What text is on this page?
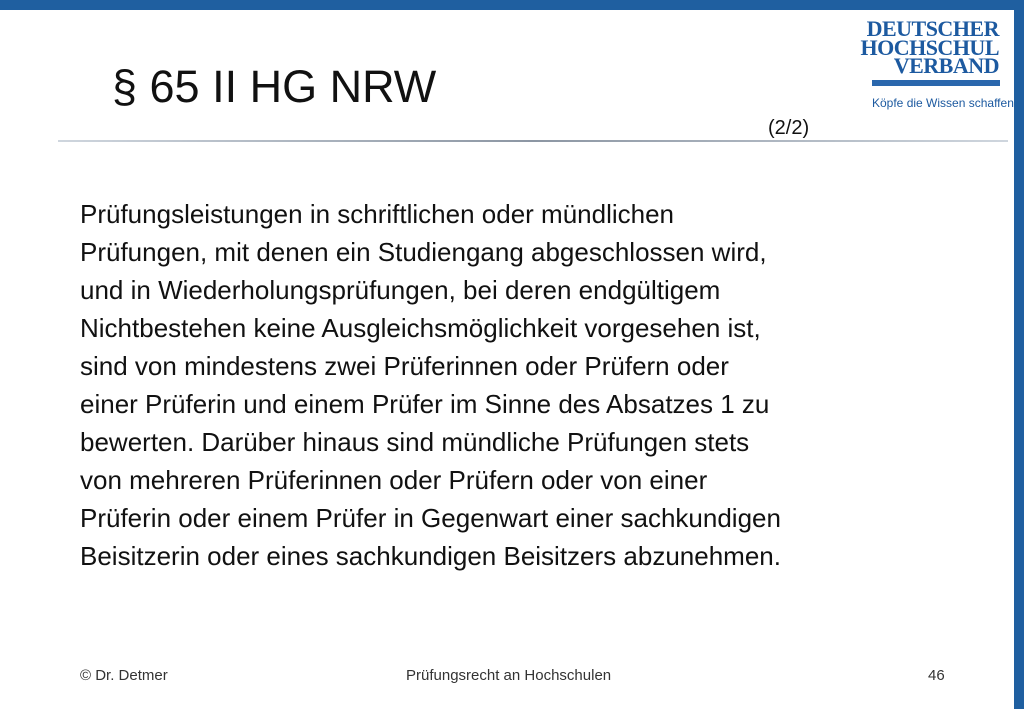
§ 65 II HG NRW
(2/2)
DEUTSCHER
HOCHSCHUL
VERBAND
Köpfe die Wissen schaffen
Prüfungsleistungen in schriftlichen oder mündlichen
Prüfungen, mit denen ein Studiengang abgeschlossen wird,
und in Wiederholungsprüfungen, bei deren endgültigem
Nichtbestehen keine Ausgleichsmöglichkeit vorgesehen ist,
sind von mindestens zwei Prüferinnen oder Prüfern oder
einer Prüferin und einem Prüfer im Sinne des Absatzes 1 zu
bewerten. Darüber hinaus sind mündliche Prüfungen stets
von mehreren Prüferinnen oder Prüfern oder von einer
Prüferin oder einem Prüfer in Gegenwart einer sachkundigen
Beisitzerin oder eines sachkundigen Beisitzers abzunehmen.
© Dr. Detmer	Prüfungsrecht an Hochschulen	46
